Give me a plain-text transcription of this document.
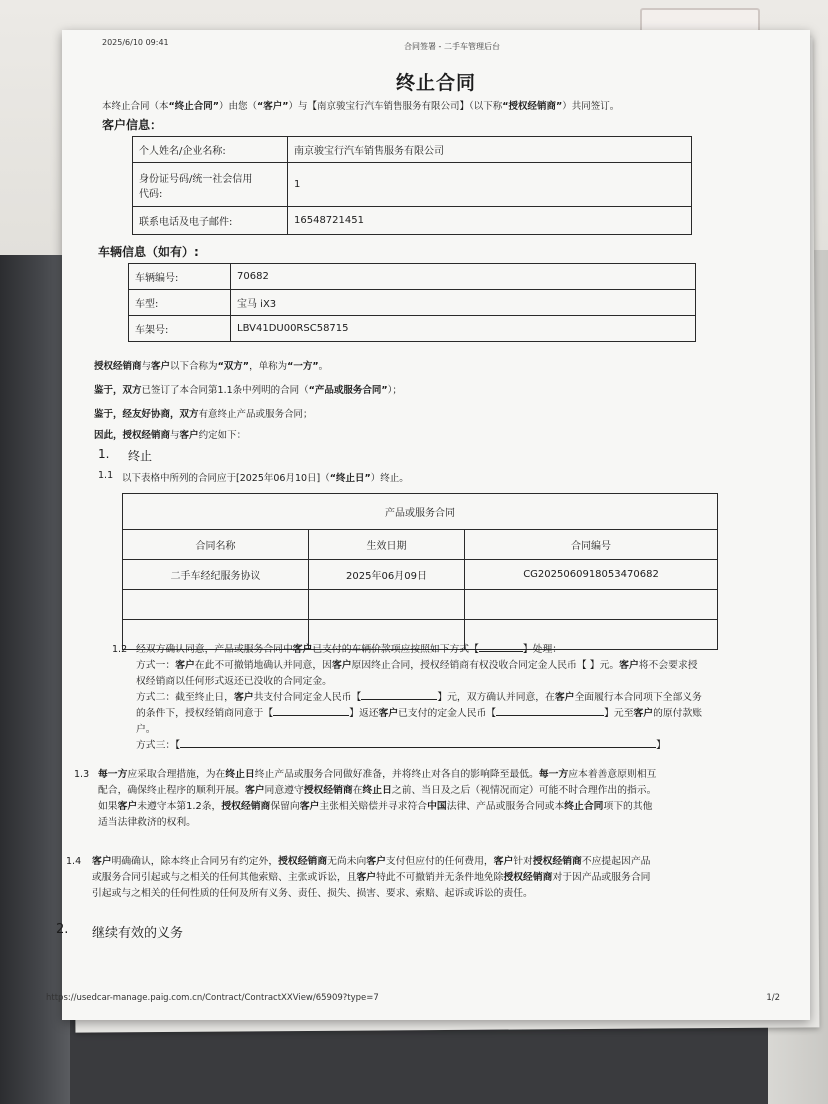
2025/6/10 09:41	合同签署 - 二手车管理后台
终止合同
本终止合同（本“终止合同”）由您（“客户”）与【南京骏宝行汽车销售服务有限公司】（以下称“授权经销商”）共同签订。
客户信息：
个人姓名/企业名称:	南京骏宝行汽车销售服务有限公司
身份证号码/统一社会信用
代码:	1
联系电话及电子邮件:	16548721451
车辆信息（如有）:
车辆编号:	70682
车型:	宝马 iX3
车架号:	LBV41DU00RSC58715
授权经销商与客户以下合称为“双方”，单称为“一方”。
鉴于，双方已签订了本合同第1.1条中列明的合同（“产品或服务合同”）；
鉴于，经友好协商，双方有意终止产品或服务合同；
因此，授权经销商与客户约定如下：
1. 终止
1.1 以下表格中所列的合同应于[2025年06月10日]（“终止日”）终止。
产品或服务合同		
合同名称	生效日期	合同编号
二手车经纪服务协议	2025年06月09日	CG2025060918053470682

1.2 经双方确认同意，产品或服务合同中客户已支付的车辆价款项应按照如下方式【	】处理：
方式一：客户在此不可撤销地确认并同意，因客户原因终止合同，授权经销商有权没收合同定金人民币【 】元。客户将不会要求授
权经销商以任何形式返还已没收的合同定金。
方式二：截至终止日，客户共支付合同定金人民币【	】元，双方确认并同意，在客户全面履行本合同项下全部义务
的条件下，授权经销商同意于【	】返还客户已支付的定金人民币【	】元至客户的原付款账
户。
方式三：【	】
1.3 每一方应采取合理措施，为在终止日终止产品或服务合同做好准备，并将终止对各自的影响降至最低。每一方应本着善意原则相互
配合，确保终止程序的顺利开展。客户同意遵守授权经销商在终止日之前、当日及之后（视情况而定）可能不时合理作出的指示。
如果客户未遵守本第1.2条，授权经销商保留向客户主张相关赔偿并寻求符合中国法律、产品或服务合同或本终止合同项下的其他
适当法律救济的权利。
1.4 客户明确确认，除本终止合同另有约定外，授权经销商无尚未向客户支付但应付的任何费用，客户针对授权经销商不应提起因产品
或服务合同引起或与之相关的任何其他索赔、主张或诉讼，且客户特此不可撤销并无条件地免除授权经销商对于因产品或服务合同
引起或与之相关的任何性质的任何及所有义务、责任、损失、损害、要求、索赔、起诉或诉讼的责任。
2. 继续有效的义务
https://usedcar-manage.paig.com.cn/Contract/ContractXXView/65909?type=7	1/2
